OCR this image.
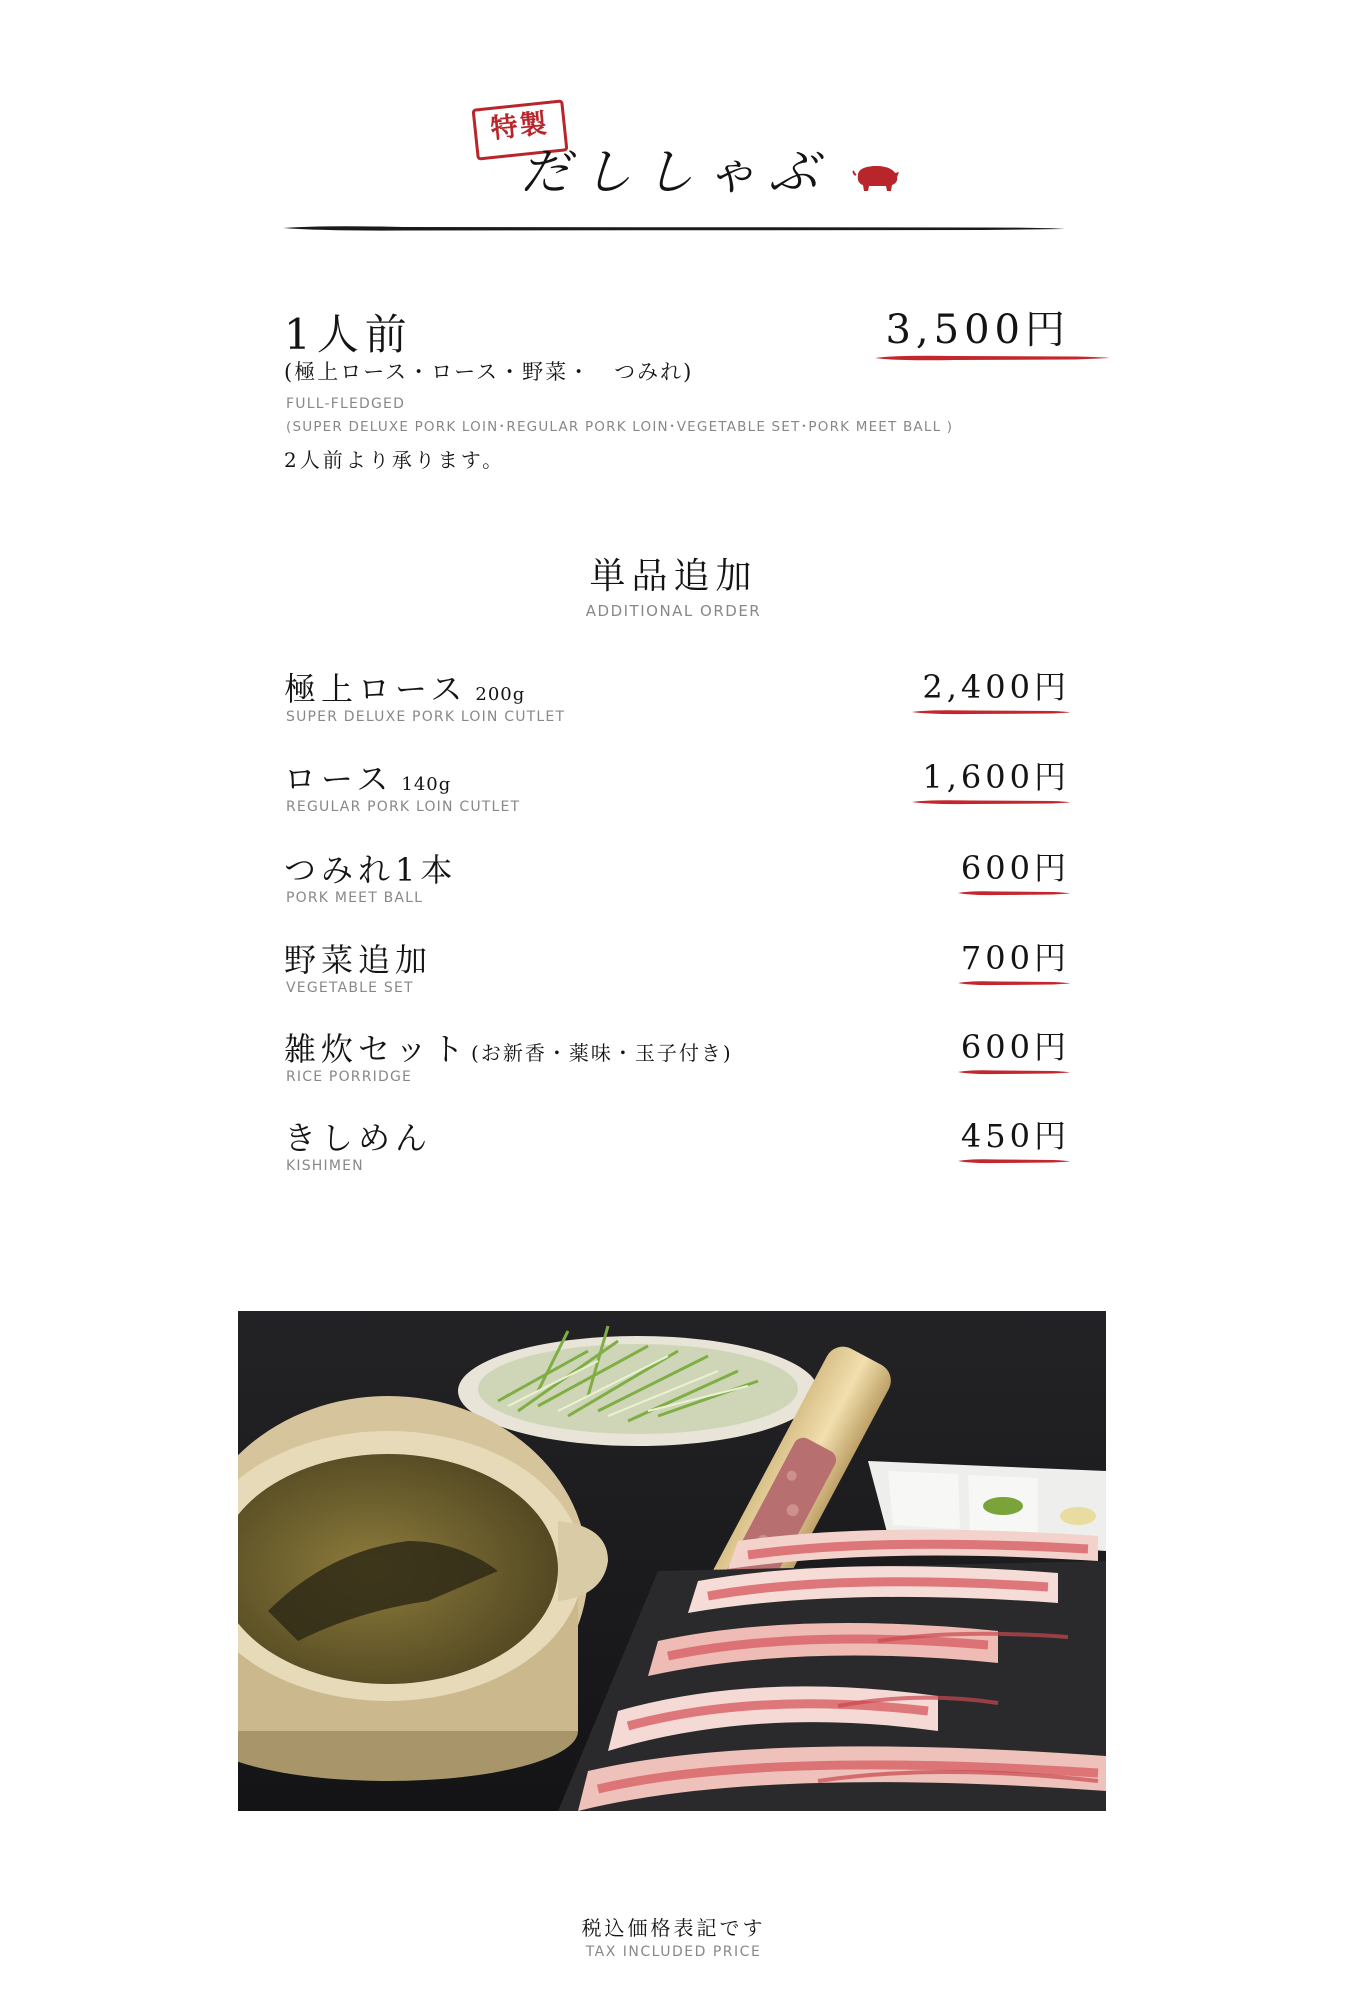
特製
だししゃぶ
1人前
(極上ロース・ロース・野菜・　つみれ)
3,500円
FULL-FLEDGED
(SUPER DELUXE PORK LOIN･REGULAR PORK LOIN･VEGETABLE SET･PORK MEET BALL )
2人前より承ります。
単品追加
ADDITIONAL ORDER
極上ロース 200g
SUPER DELUXE PORK LOIN CUTLET
2,400円
ロース 140g
REGULAR PORK LOIN CUTLET
1,600円
つみれ1本
PORK MEET BALL
600円
野菜追加
VEGETABLE SET
700円
雑炊セット (お新香・薬味・玉子付き)
RICE PORRIDGE
600円
きしめん
KISHIMEN
450円
税込価格表記です
TAX INCLUDED PRICE
